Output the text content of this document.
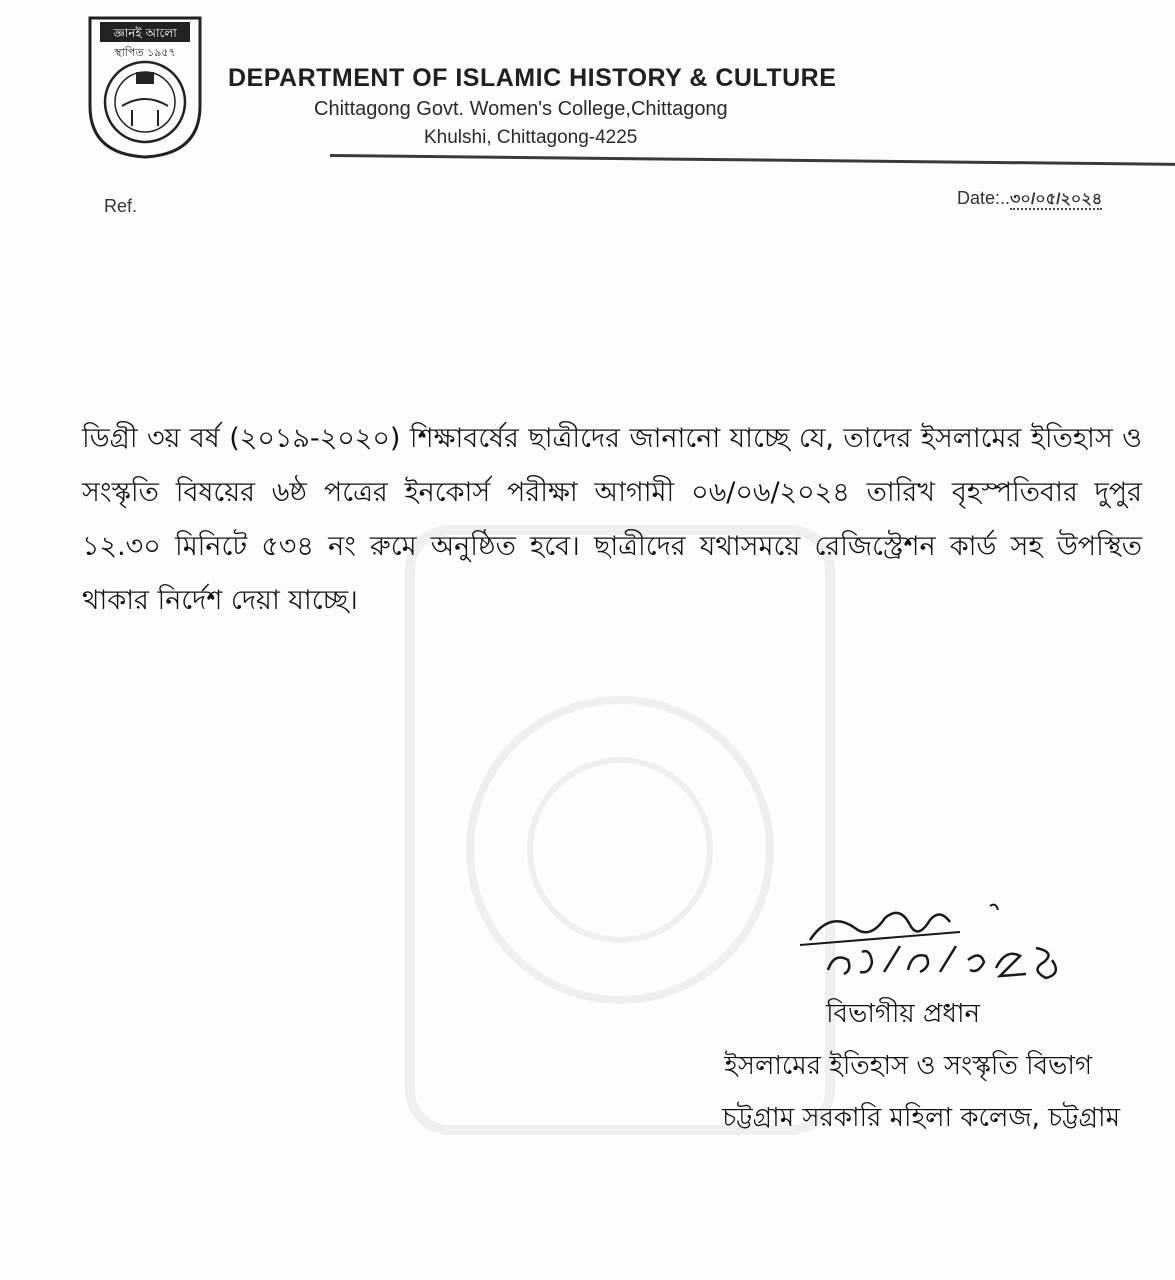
জ্ঞানই আলো
স্থাপিত ১৯৫৭
DEPARTMENT OF ISLAMIC HISTORY & CULTURE
Chittagong Govt. Women's College,Chittagong
Khulshi, Chittagong-4225
Ref.	Date:..৩০/০৫/২০২৪
ডিগ্রী ৩য় বর্ষ (২০১৯-২০২০) শিক্ষাবর্ষের ছাত্রীদের জানানো যাচ্ছে যে, তাদের ইসলামের ইতিহাস ও সংস্কৃতি বিষয়ের ৬ষ্ঠ পত্রের ইনকোর্স পরীক্ষা আগামী ০৬/০৬/২০২৪ তারিখ বৃহস্পতিবার দুপুর ১২.৩০ মিনিটে ৫৩৪ নং রুমে অনুষ্ঠিত হবে। ছাত্রীদের যথাসময়ে রেজিস্ট্রেশন কার্ড সহ উপস্থিত থাকার নির্দেশ দেয়া যাচ্ছে।
বিভাগীয় প্রধান
ইসলামের ইতিহাস ও সংস্কৃতি বিভাগ
চট্টগ্রাম সরকারি মহিলা কলেজ, চট্টগ্রাম
